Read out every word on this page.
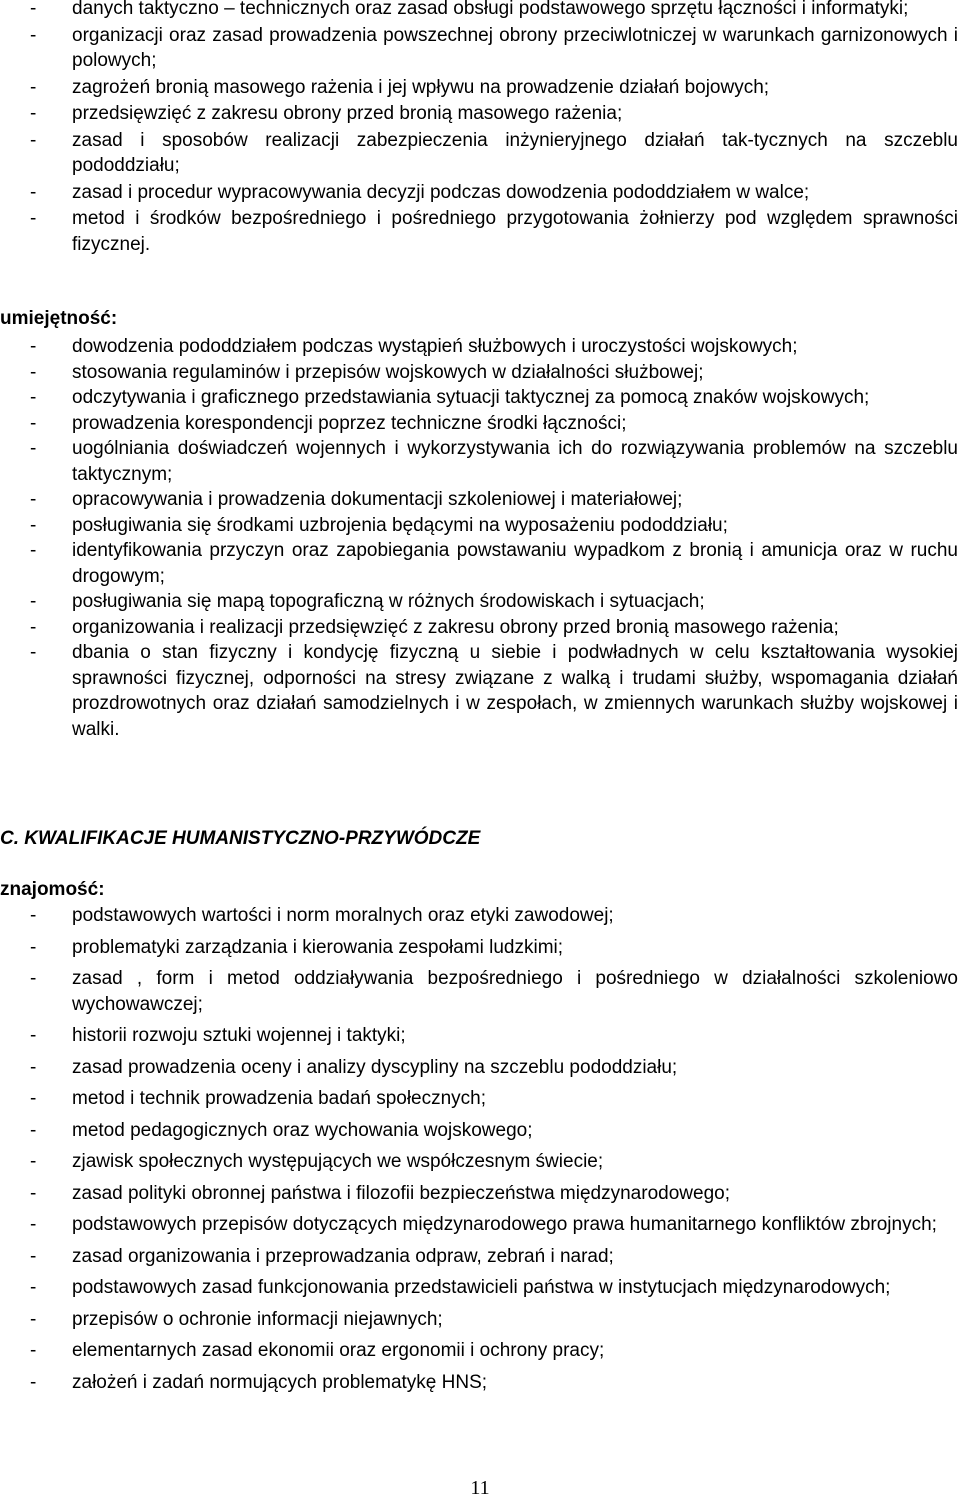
- danych taktyczno – technicznych oraz zasad obsługi podstawowego sprzętu łączności i informatyki;
- organizacji oraz zasad prowadzenia powszechnej obrony przeciwlotniczej w warunkach garnizonowych i polowych;
- zagrożeń bronią masowego rażenia i jej wpływu na prowadzenie działań bojowych;
- przedsięwzięć z zakresu obrony przed bronią masowego rażenia;
- zasad i sposobów realizacji zabezpieczenia inżynieryjnego działań tak-tycznych na szczeblu pododdziału;
- zasad i procedur wypracowywania decyzji podczas dowodzenia pododdziałem w walce;
- metod i środków bezpośredniego i pośredniego przygotowania żołnierzy pod względem sprawności fizycznej.
umiejętność:
- dowodzenia pododdziałem podczas wystąpień służbowych i uroczystości wojskowych;
- stosowania regulaminów i przepisów wojskowych w działalności służbowej;
- odczytywania i graficznego przedstawiania sytuacji taktycznej za pomocą znaków wojskowych;
- prowadzenia korespondencji poprzez techniczne środki łączności;
- uogólniania doświadczeń wojennych i wykorzystywania ich do rozwiązywania problemów na szczeblu taktycznym;
- opracowywania i prowadzenia dokumentacji szkoleniowej i materiałowej;
- posługiwania się środkami uzbrojenia będącymi na wyposażeniu pododdziału;
- identyfikowania przyczyn oraz zapobiegania powstawaniu wypadkom z bronią i amunicja oraz w ruchu drogowym;
- posługiwania się mapą topograficzną w różnych środowiskach i sytuacjach;
- organizowania i realizacji przedsięwzięć z zakresu obrony przed bronią masowego rażenia;
- dbania o stan fizyczny i kondycję fizyczną u siebie i podwładnych w celu kształtowania wysokiej sprawności fizycznej, odporności na stresy związane z walką i trudami służby, wspomagania działań prozdrowotnych oraz działań samodzielnych i w zespołach, w zmiennych warunkach służby wojskowej i walki.
C. KWALIFIKACJE HUMANISTYCZNO-PRZYWÓDCZE
znajomość:
- podstawowych wartości i norm moralnych oraz etyki zawodowej;
- problematyki zarządzania i kierowania zespołami ludzkimi;
- zasad , form i metod oddziaływania bezpośredniego i pośredniego w działalności szkoleniowo wychowawczej;
- historii rozwoju sztuki wojennej i taktyki;
- zasad prowadzenia oceny i analizy dyscypliny na szczeblu pododdziału;
- metod i technik prowadzenia badań społecznych;
- metod pedagogicznych oraz wychowania wojskowego;
- zjawisk społecznych występujących we współczesnym świecie;
- zasad polityki obronnej państwa i filozofii bezpieczeństwa międzynarodowego;
- podstawowych przepisów dotyczących międzynarodowego prawa humanitarnego konfliktów zbrojnych;
- zasad organizowania i przeprowadzania odpraw, zebrań i narad;
- podstawowych zasad funkcjonowania przedstawicieli państwa w instytucjach międzynarodowych;
- przepisów o ochronie informacji niejawnych;
- elementarnych zasad ekonomii oraz ergonomii i ochrony pracy;
- założeń i zadań normujących problematykę HNS;
11
